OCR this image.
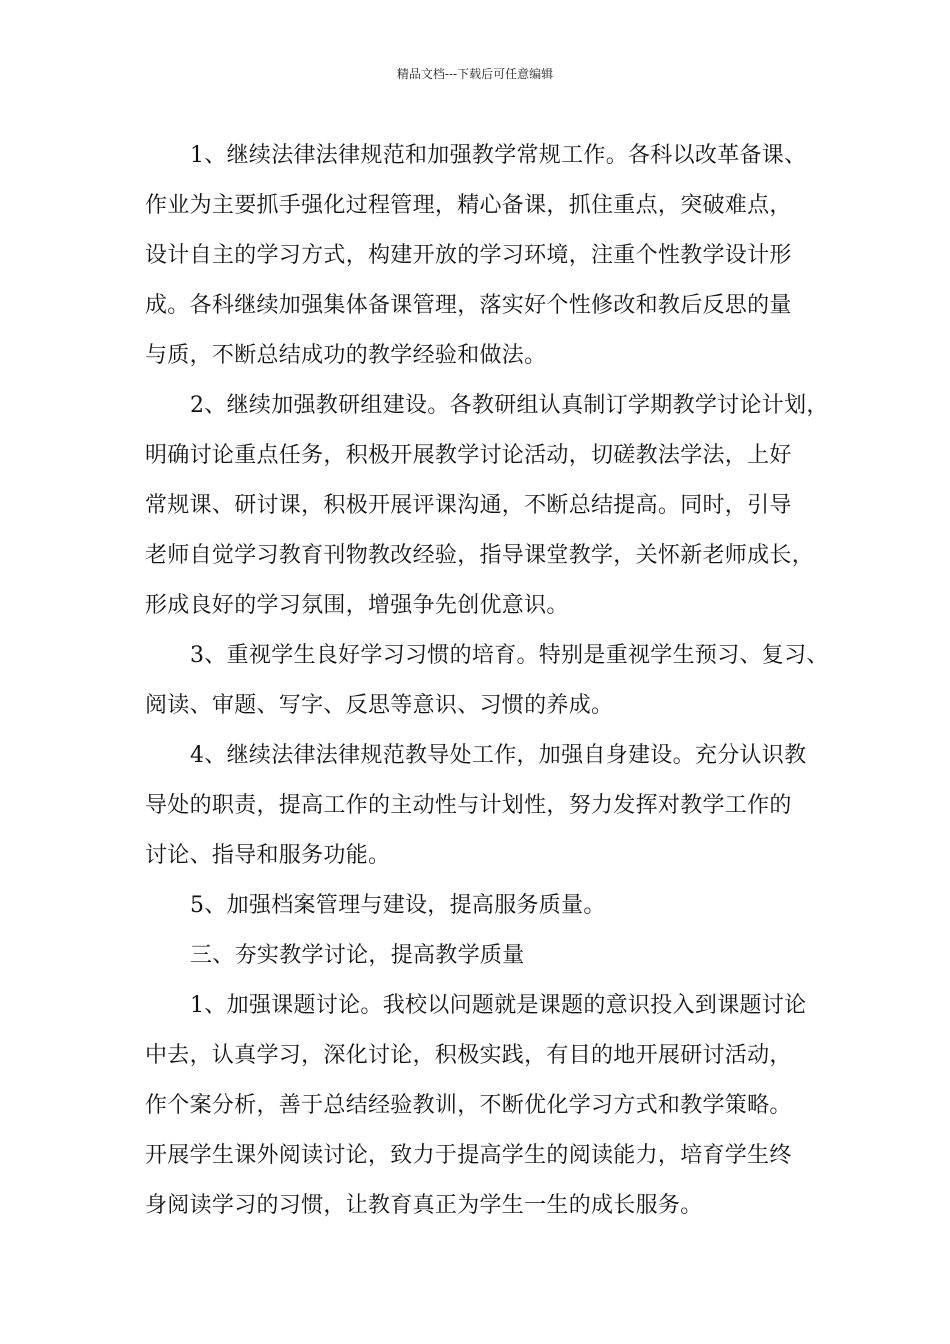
精品文档---下载后可任意编辑

1、继续法律法律规范和加强教学常规工作。各科以改革备课、
作业为主要抓手强化过程管理，精心备课，抓住重点，突破难点，
设计自主的学习方式，构建开放的学习环境，注重个性教学设计形
成。各科继续加强集体备课管理，落实好个性修改和教后反思的量
与质，不断总结成功的教学经验和做法。

2、继续加强教研组建设。各教研组认真制订学期教学讨论计划，
明确讨论重点任务，积极开展教学讨论活动，切磋教法学法，上好
常规课、研讨课，积极开展评课沟通，不断总结提高。同时，引导
老师自觉学习教育刊物教改经验，指导课堂教学，关怀新老师成长，
形成良好的学习氛围，增强争先创优意识。

3、重视学生良好学习习惯的培育。特别是重视学生预习、复习、
阅读、审题、写字、反思等意识、习惯的养成。

4、继续法律法律规范教导处工作，加强自身建设。充分认识教
导处的职责，提高工作的主动性与计划性，努力发挥对教学工作的
讨论、指导和服务功能。

5、加强档案管理与建设，提高服务质量。

三、夯实教学讨论，提高教学质量

1、加强课题讨论。我校以问题就是课题的意识投入到课题讨论
中去，认真学习，深化讨论，积极实践，有目的地开展研讨活动，
作个案分析，善于总结经验教训，不断优化学习方式和教学策略。
开展学生课外阅读讨论，致力于提高学生的阅读能力，培育学生终
身阅读学习的习惯，让教育真正为学生一生的成长服务。
